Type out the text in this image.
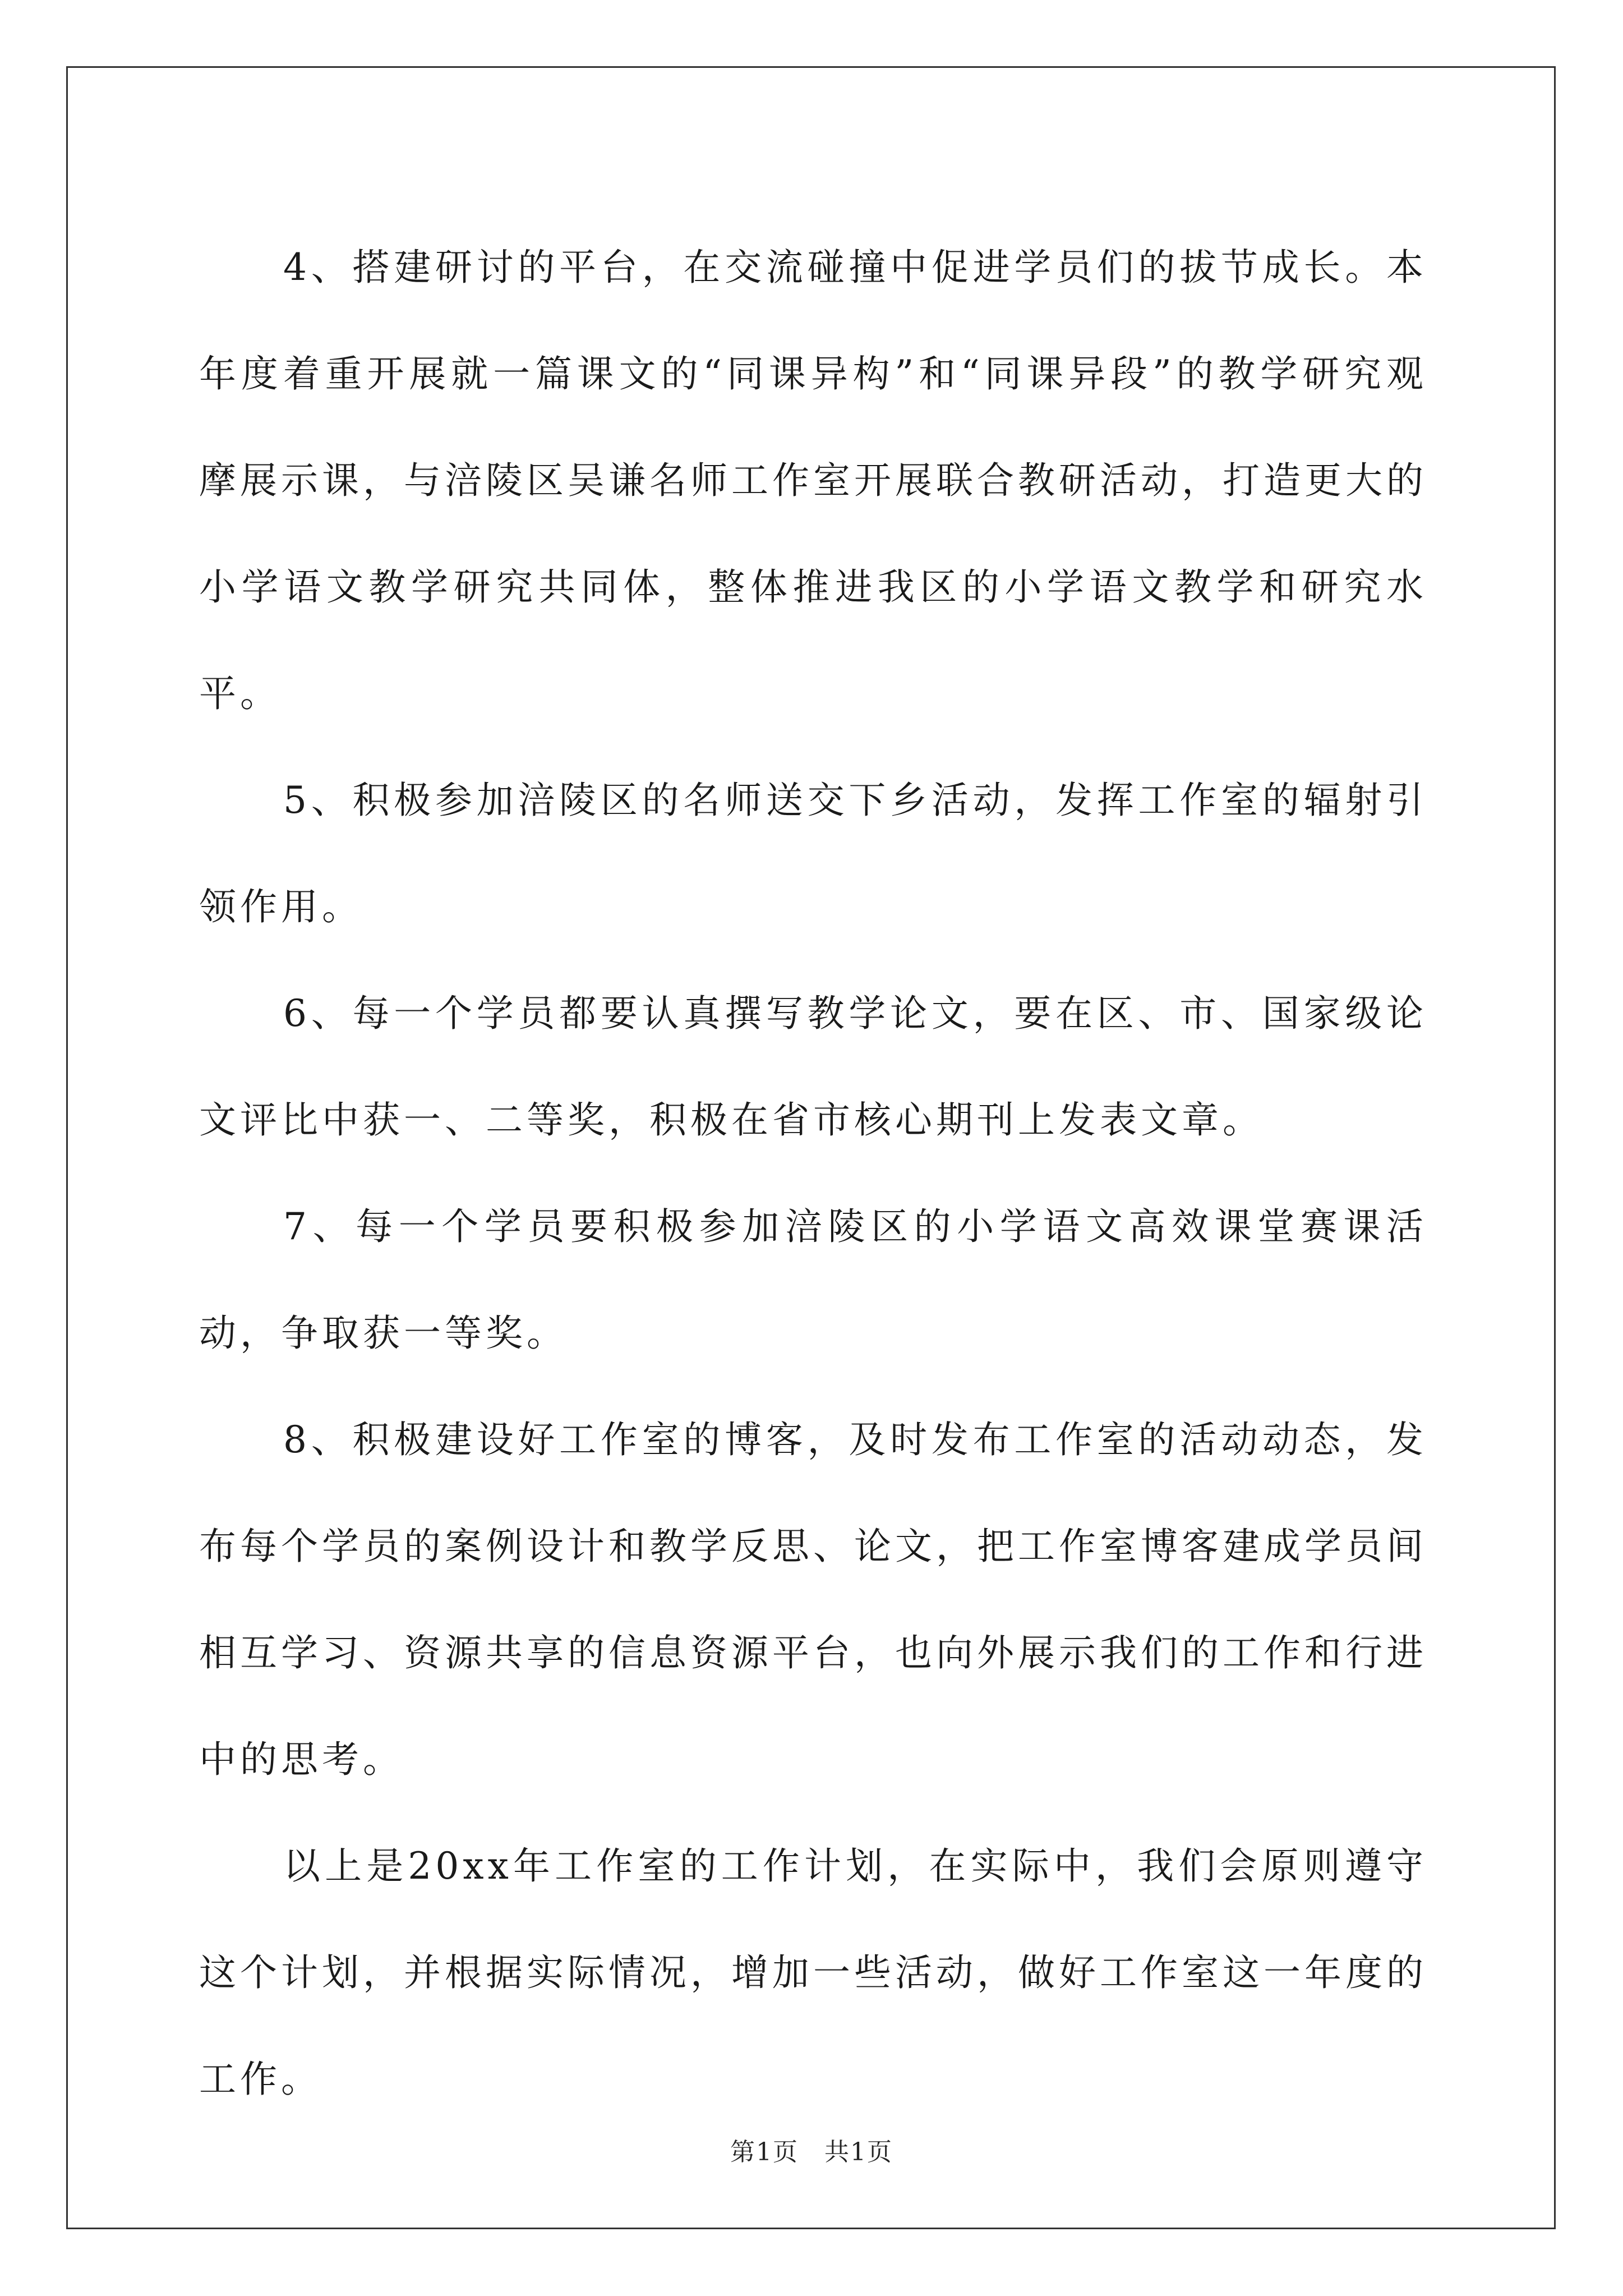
4、搭建研讨的平台，在交流碰撞中促进学员们的拔节成长。本年度着重开展就一篇课文的“同课异构”和“同课异段”的教学研究观摩展示课，与涪陵区吴谦名师工作室开展联合教研活动，打造更大的小学语文教学研究共同体，整体推进我区的小学语文教学和研究水平。

5、积极参加涪陵区的名师送交下乡活动，发挥工作室的辐射引领作用。

6、每一个学员都要认真撰写教学论文，要在区、市、国家级论文评比中获一、二等奖，积极在省市核心期刊上发表文章。

7、每一个学员要积极参加涪陵区的小学语文高效课堂赛课活动，争取获一等奖。

8、积极建设好工作室的博客，及时发布工作室的活动动态，发布每个学员的案例设计和教学反思、论文，把工作室博客建成学员间相互学习、资源共享的信息资源平台，也向外展示我们的工作和行进中的思考。

以上是20xx年工作室的工作计划，在实际中，我们会原则遵守这个计划，并根据实际情况，增加一些活动，做好工作室这一年度的工作。

第1页　共1页
